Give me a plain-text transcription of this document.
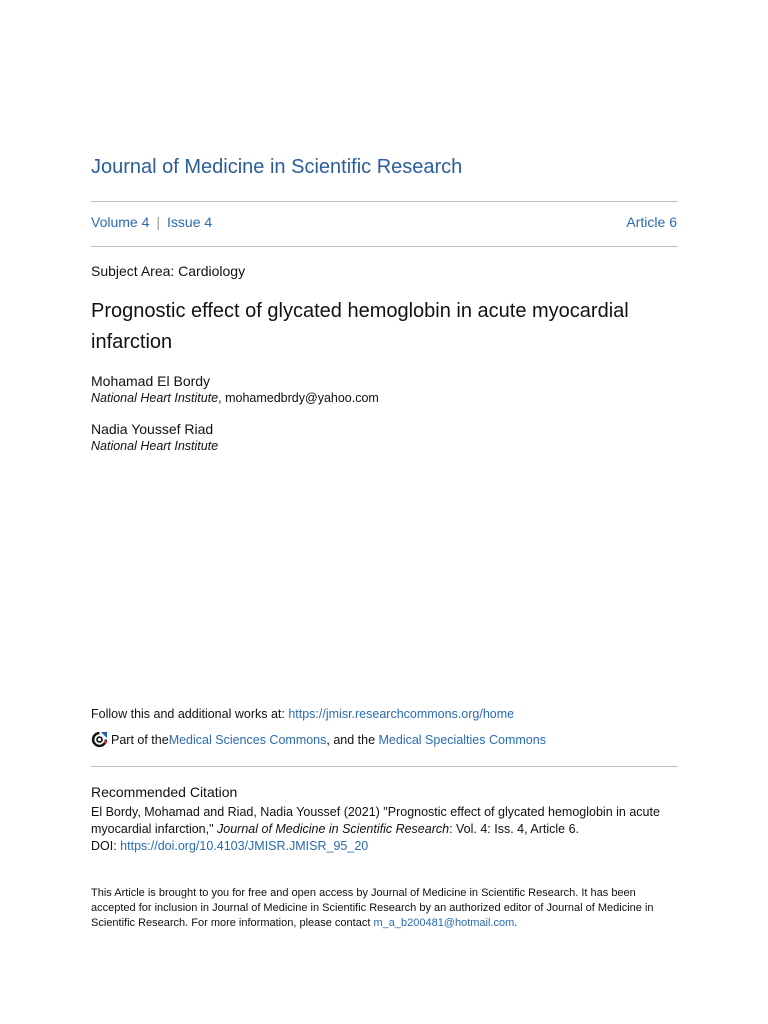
Journal of Medicine in Scientific Research
Volume 4 | Issue 4	Article 6
Subject Area: Cardiology
Prognostic effect of glycated hemoglobin in acute myocardial infarction
Mohamad El Bordy
National Heart Institute, mohamedbrdy@yahoo.com
Nadia Youssef Riad
National Heart Institute
Follow this and additional works at: https://jmisr.researchcommons.org/home
Part of the Medical Sciences Commons , and the Medical Specialties Commons
Recommended Citation
El Bordy, Mohamad and Riad, Nadia Youssef (2021) "Prognostic effect of glycated hemoglobin in acute myocardial infarction," Journal of Medicine in Scientific Research: Vol. 4: Iss. 4, Article 6.
DOI: https://doi.org/10.4103/JMISR.JMISR_95_20
This Article is brought to you for free and open access by Journal of Medicine in Scientific Research. It has been accepted for inclusion in Journal of Medicine in Scientific Research by an authorized editor of Journal of Medicine in Scientific Research. For more information, please contact m_a_b200481@hotmail.com.
